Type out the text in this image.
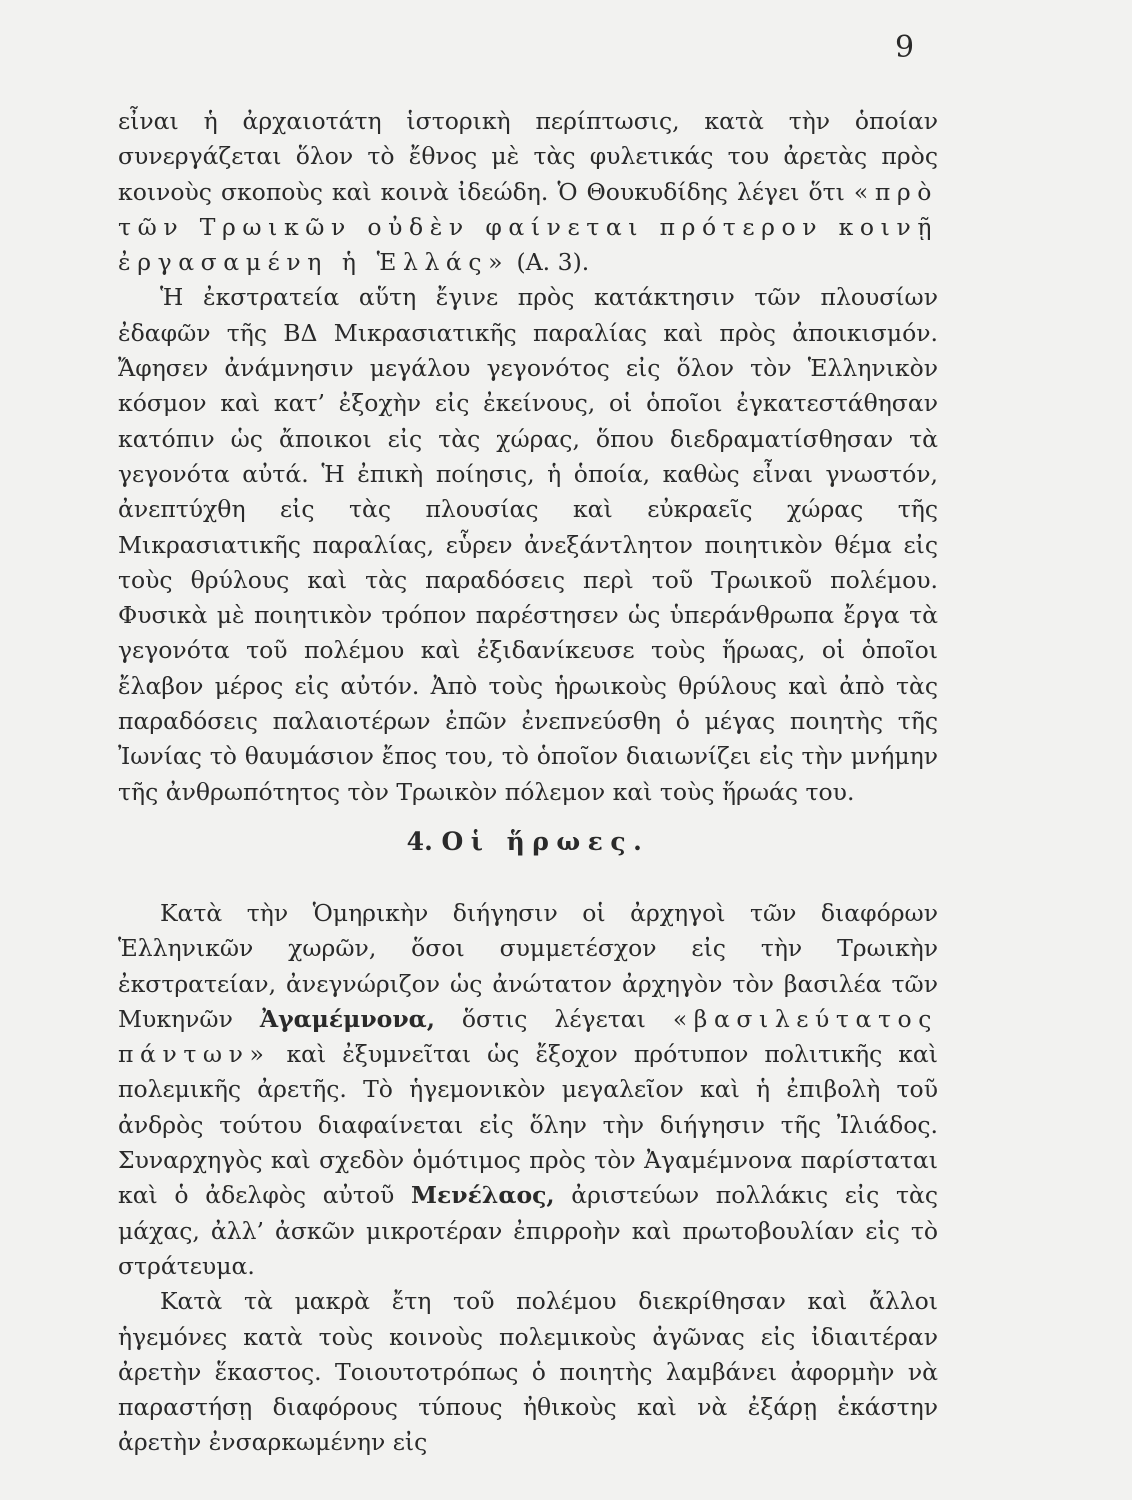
9

εἶναι ἡ ἀρχαιοτάτη ἱστορικὴ περίπτωσις, κατὰ τὴν ὁποίαν συνεργάζεται ὅλον τὸ ἔθνος μὲ τὰς φυλετικάς του ἀρετὰς πρὸς κοινοὺς σκοποὺς καὶ κοινὰ ἰδεώδη. Ὁ Θουκυδίδης λέγει ὅτι «πρὸ τῶν Τρωικῶν οὐδὲν φαίνεται πρότερον κοινῇ ἐργασαμένη ἡ Ἑλλάς» (Α. 3).

Ἡ ἐκστρατεία αὕτη ἔγινε πρὸς κατάκτησιν τῶν πλουσίων ἐδαφῶν τῆς ΒΔ Μικρασιατικῆς παραλίας καὶ πρὸς ἀποικισμόν. Ἄφησεν ἀνάμνησιν μεγάλου γεγονότος εἰς ὅλον τὸν Ἑλληνικὸν κόσμον καὶ κατ’ ἐξοχὴν εἰς ἐκείνους, οἱ ὁποῖοι ἐγκατεστάθησαν κατόπιν ὡς ἄποικοι εἰς τὰς χώρας, ὅπου διεδραματίσθησαν τὰ γεγονότα αὐτά. Ἡ ἐπικὴ ποίησις, ἡ ὁποία, καθὼς εἶναι γνωστόν, ἀνεπτύχθη εἰς τὰς πλουσίας καὶ εὐκραεῖς χώρας τῆς Μικρασιατικῆς παραλίας, εὗρεν ἀνεξάντλητον ποιητικὸν θέμα εἰς τοὺς θρύλους καὶ τὰς παραδόσεις περὶ τοῦ Τρωικοῦ πολέμου. Φυσικὰ μὲ ποιητικὸν τρόπον παρέστησεν ὡς ὑπεράνθρωπα ἔργα τὰ γεγονότα τοῦ πολέμου καὶ ἐξιδανίκευσε τοὺς ἥρωας, οἱ ὁποῖοι ἔλαβον μέρος εἰς αὐτόν. Ἀπὸ τοὺς ἡρωικοὺς θρύλους καὶ ἀπὸ τὰς παραδόσεις παλαιοτέρων ἐπῶν ἐνεπνεύσθη ὁ μέγας ποιητὴς τῆς Ἰωνίας τὸ θαυμάσιον ἔπος του, τὸ ὁποῖον διαιωνίζει εἰς τὴν μνήμην τῆς ἀνθρωπότητος τὸν Τρωικὸν πόλεμον καὶ τοὺς ἥρωάς του.

4. Οἱ ἥρωες.

Κατὰ τὴν Ὁμηρικὴν διήγησιν οἱ ἀρχηγοὶ τῶν διαφόρων Ἑλληνικῶν χωρῶν, ὅσοι συμμετέσχον εἰς τὴν Τρωικὴν ἐκστρατείαν, ἀνεγνώριζον ὡς ἀνώτατον ἀρχηγὸν τὸν βασιλέα τῶν Μυκηνῶν Ἀγαμέμνονα, ὅστις λέγεται «βασιλεύτατος πάντων» καὶ ἐξυμνεῖται ὡς ἔξοχον πρότυπον πολιτικῆς καὶ πολεμικῆς ἀρετῆς. Τὸ ἡγεμονικὸν μεγαλεῖον καὶ ἡ ἐπιβολὴ τοῦ ἀνδρὸς τούτου διαφαίνεται εἰς ὅλην τὴν διήγησιν τῆς Ἰλιάδος. Συναρχηγὸς καὶ σχεδὸν ὁμότιμος πρὸς τὸν Ἀγαμέμνονα παρίσταται καὶ ὁ ἀδελφὸς αὐτοῦ Μενέλαος, ἀριστεύων πολλάκις εἰς τὰς μάχας, ἀλλ’ ἀσκῶν μικροτέραν ἐπιρροὴν καὶ πρωτοβουλίαν εἰς τὸ στράτευμα.

Κατὰ τὰ μακρὰ ἔτη τοῦ πολέμου διεκρίθησαν καὶ ἄλλοι ἡγεμόνες κατὰ τοὺς κοινοὺς πολεμικοὺς ἀγῶνας εἰς ἰδιαιτέραν ἀρετὴν ἕκαστος. Τοιουτοτρόπως ὁ ποιητὴς λαμβάνει ἀφορμὴν νὰ παραστήσῃ διαφόρους τύπους ἠθικοὺς καὶ νὰ ἐξάρῃ ἑκάστην ἀρετὴν ἐνσαρκωμένην εἰς
